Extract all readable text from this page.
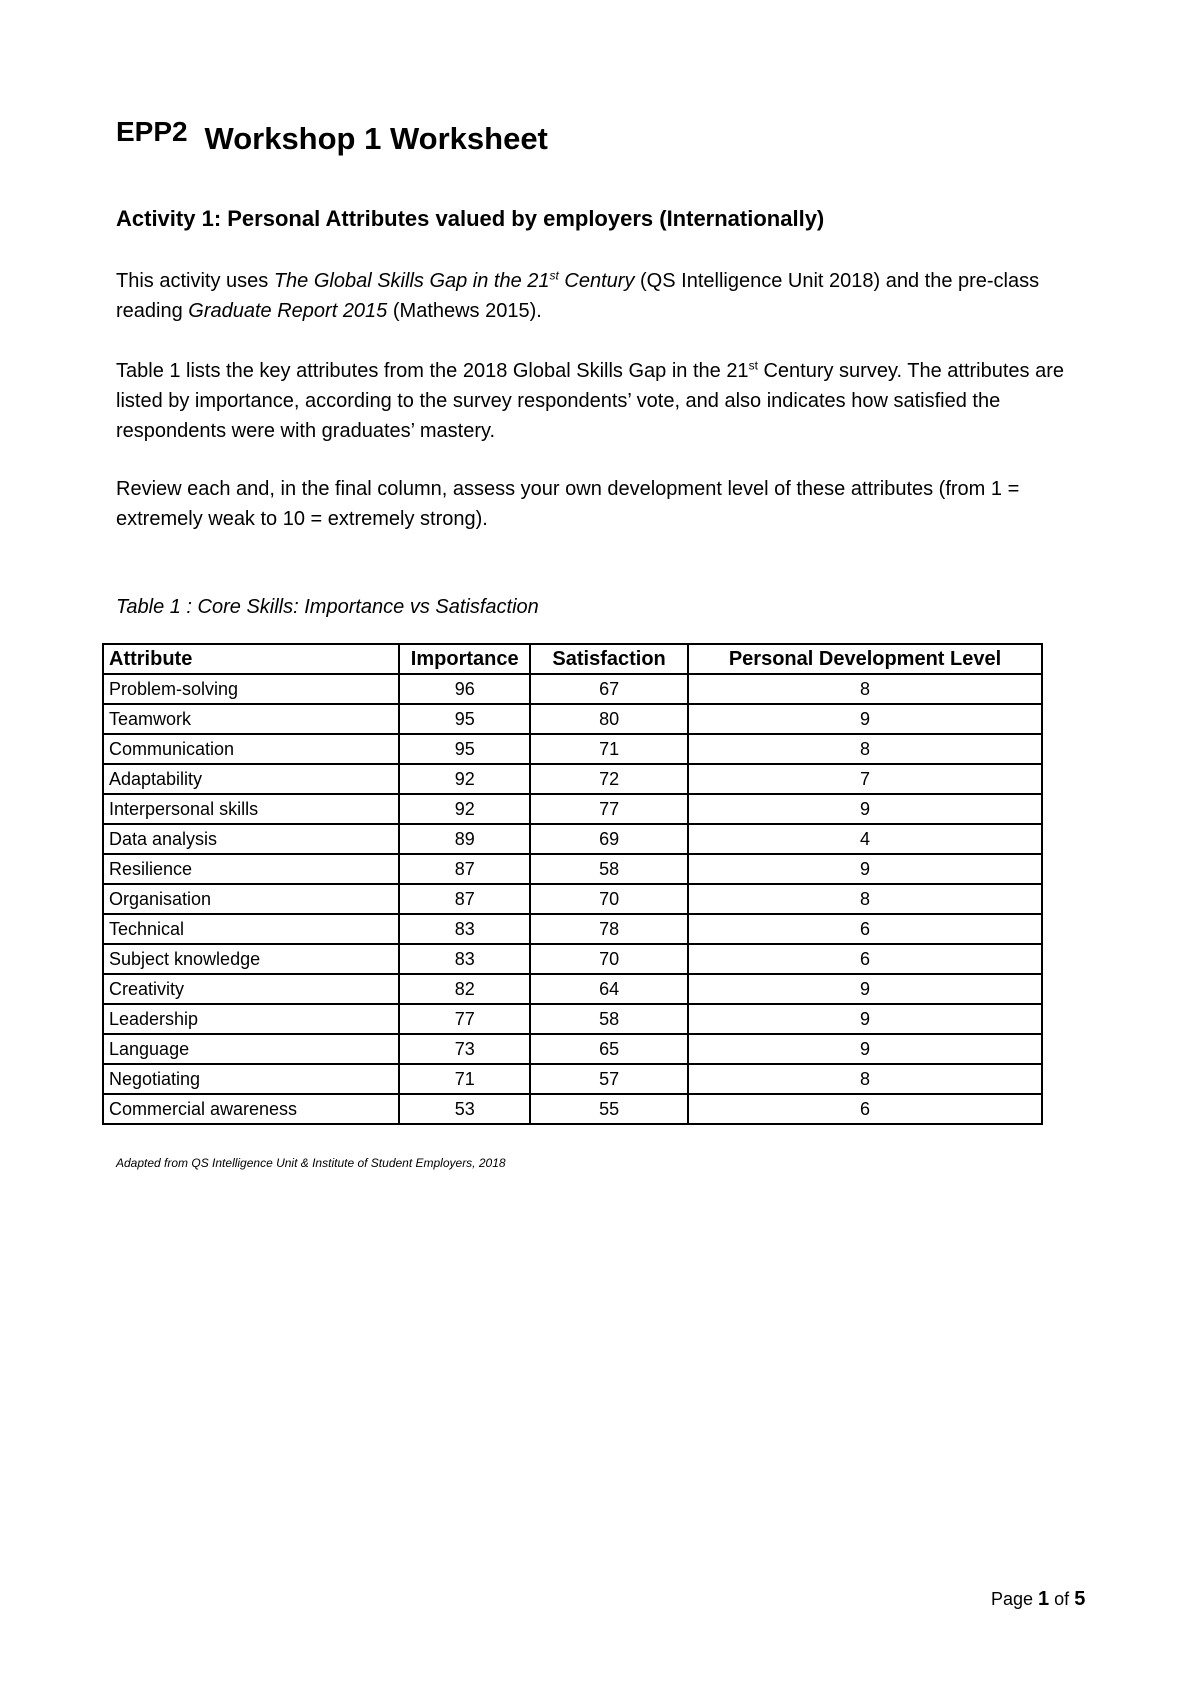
EPP2 Workshop 1 Worksheet
Activity 1: Personal Attributes valued by employers (Internationally)

This activity uses The Global Skills Gap in the 21st Century (QS Intelligence Unit 2018) and the pre-class reading Graduate Report 2015 (Mathews 2015).

Table 1 lists the key attributes from the 2018 Global Skills Gap in the 21st Century survey. The attributes are listed by importance, according to the survey respondents’ vote, and also indicates how satisfied the respondents were with graduates’ mastery.

Review each and, in the final column, assess your own development level of these attributes (from 1 = extremely weak to 10 = extremely strong).

Table 1 : Core Skills: Importance vs Satisfaction

Attribute	Importance	Satisfaction	Personal Development Level
Problem-solving	96	67	8
Teamwork	95	80	9
Communication	95	71	8
Adaptability	92	72	7
Interpersonal skills	92	77	9
Data analysis	89	69	4
Resilience	87	58	9
Organisation	87	70	8
Technical	83	78	6
Subject knowledge	83	70	6
Creativity	82	64	9
Leadership	77	58	9
Language	73	65	9
Negotiating	71	57	8
Commercial awareness	53	55	6

Adapted from QS Intelligence Unit & Institute of Student Employers, 2018

Page 1 of 5
